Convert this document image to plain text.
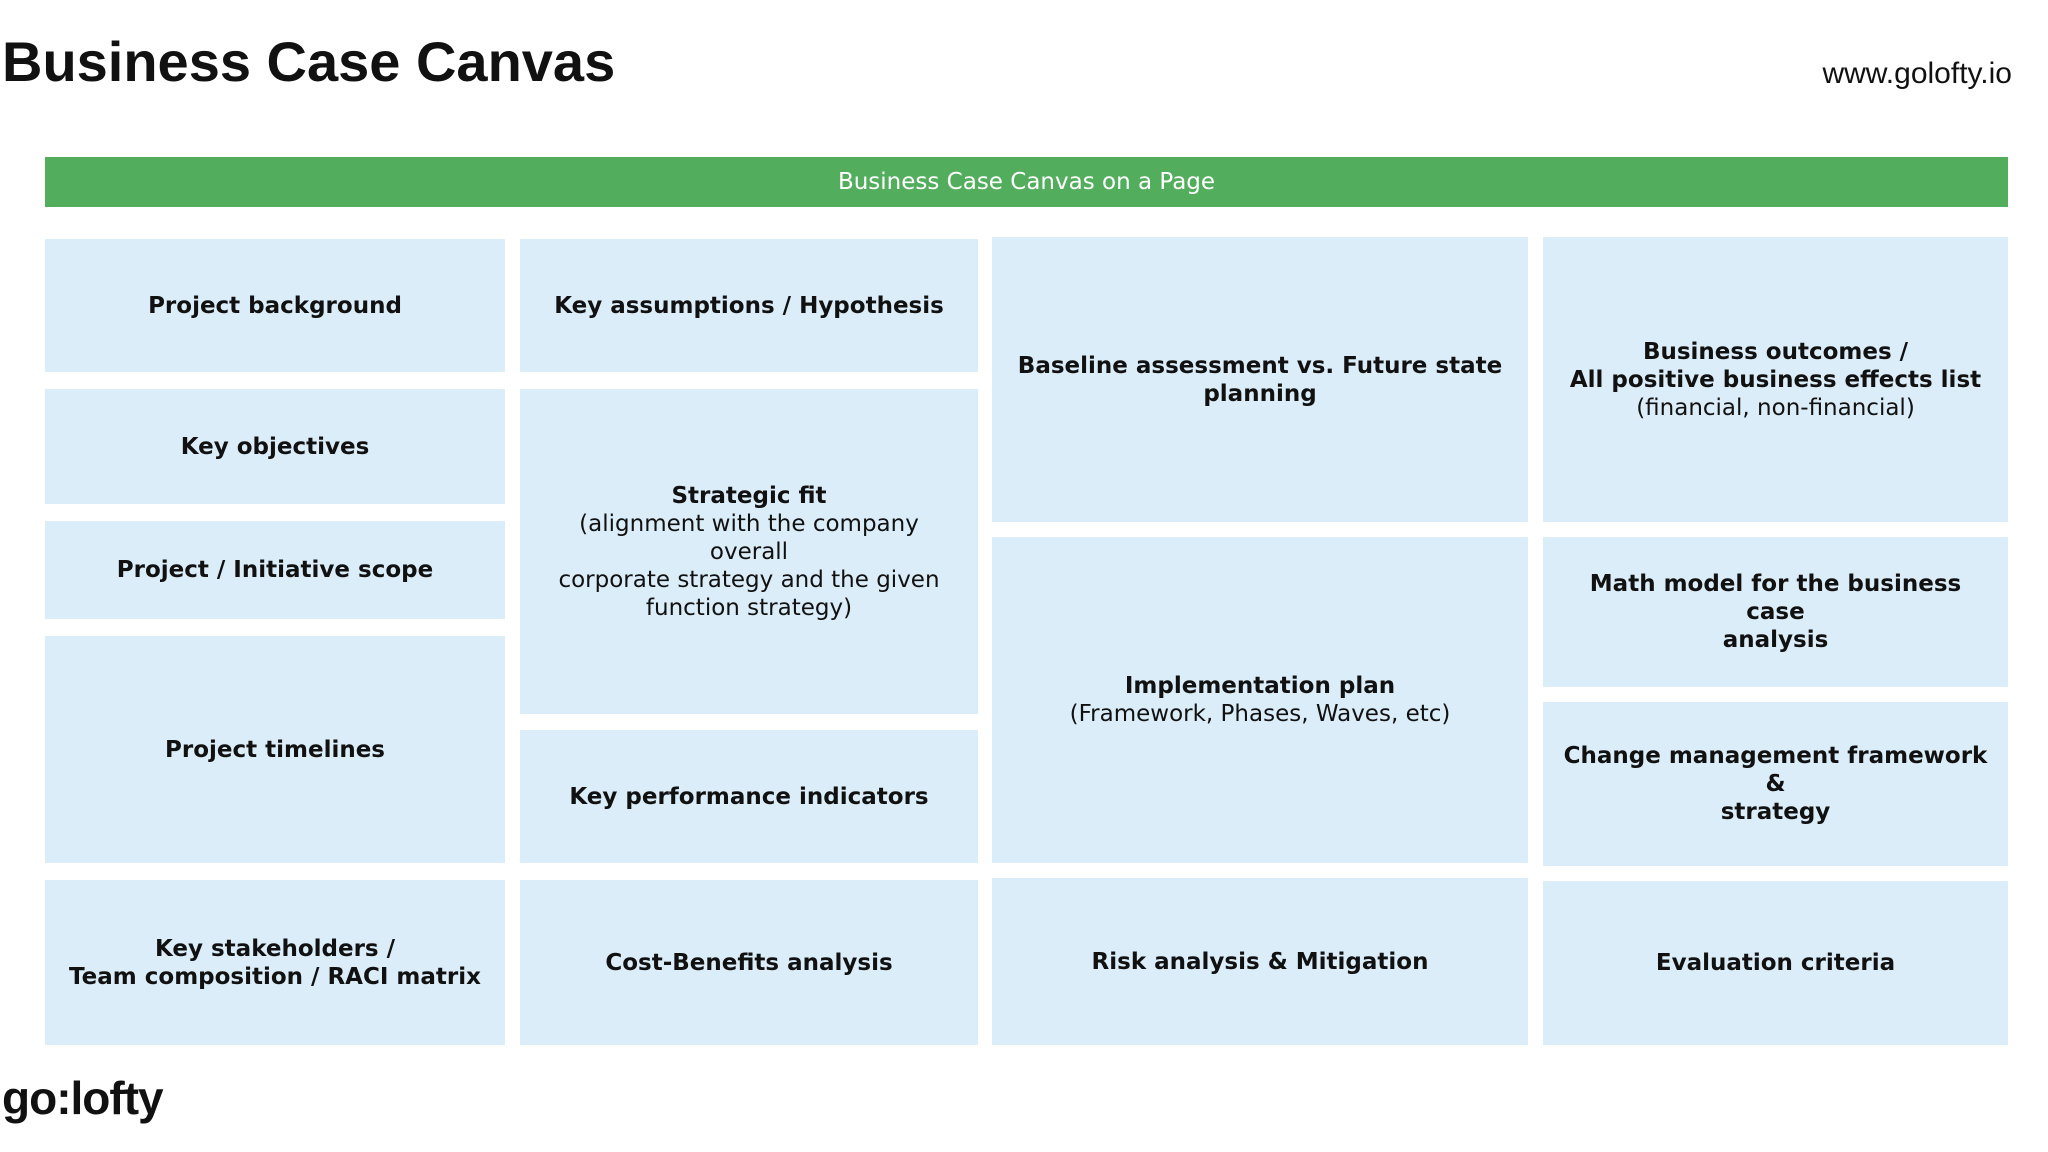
Business Case Canvas	www.golofty.io
Business Case Canvas on a Page
Project background
Key objectives
Project / Initiative scope
Project timelines
Key stakeholders /
Team composition / RACI matrix
Key assumptions / Hypothesis
Strategic fit
(alignment with the company overall
corporate strategy and the given
function strategy)
Key performance indicators
Cost-Benefits analysis
Baseline assessment vs. Future state planning
Implementation plan
(Framework, Phases, Waves, etc)
Risk analysis & Mitigation
Business outcomes /
All positive business effects list
(financial, non-financial)
Math model for the business case
analysis
Change management framework &
strategy
Evaluation criteria
go:lofty
